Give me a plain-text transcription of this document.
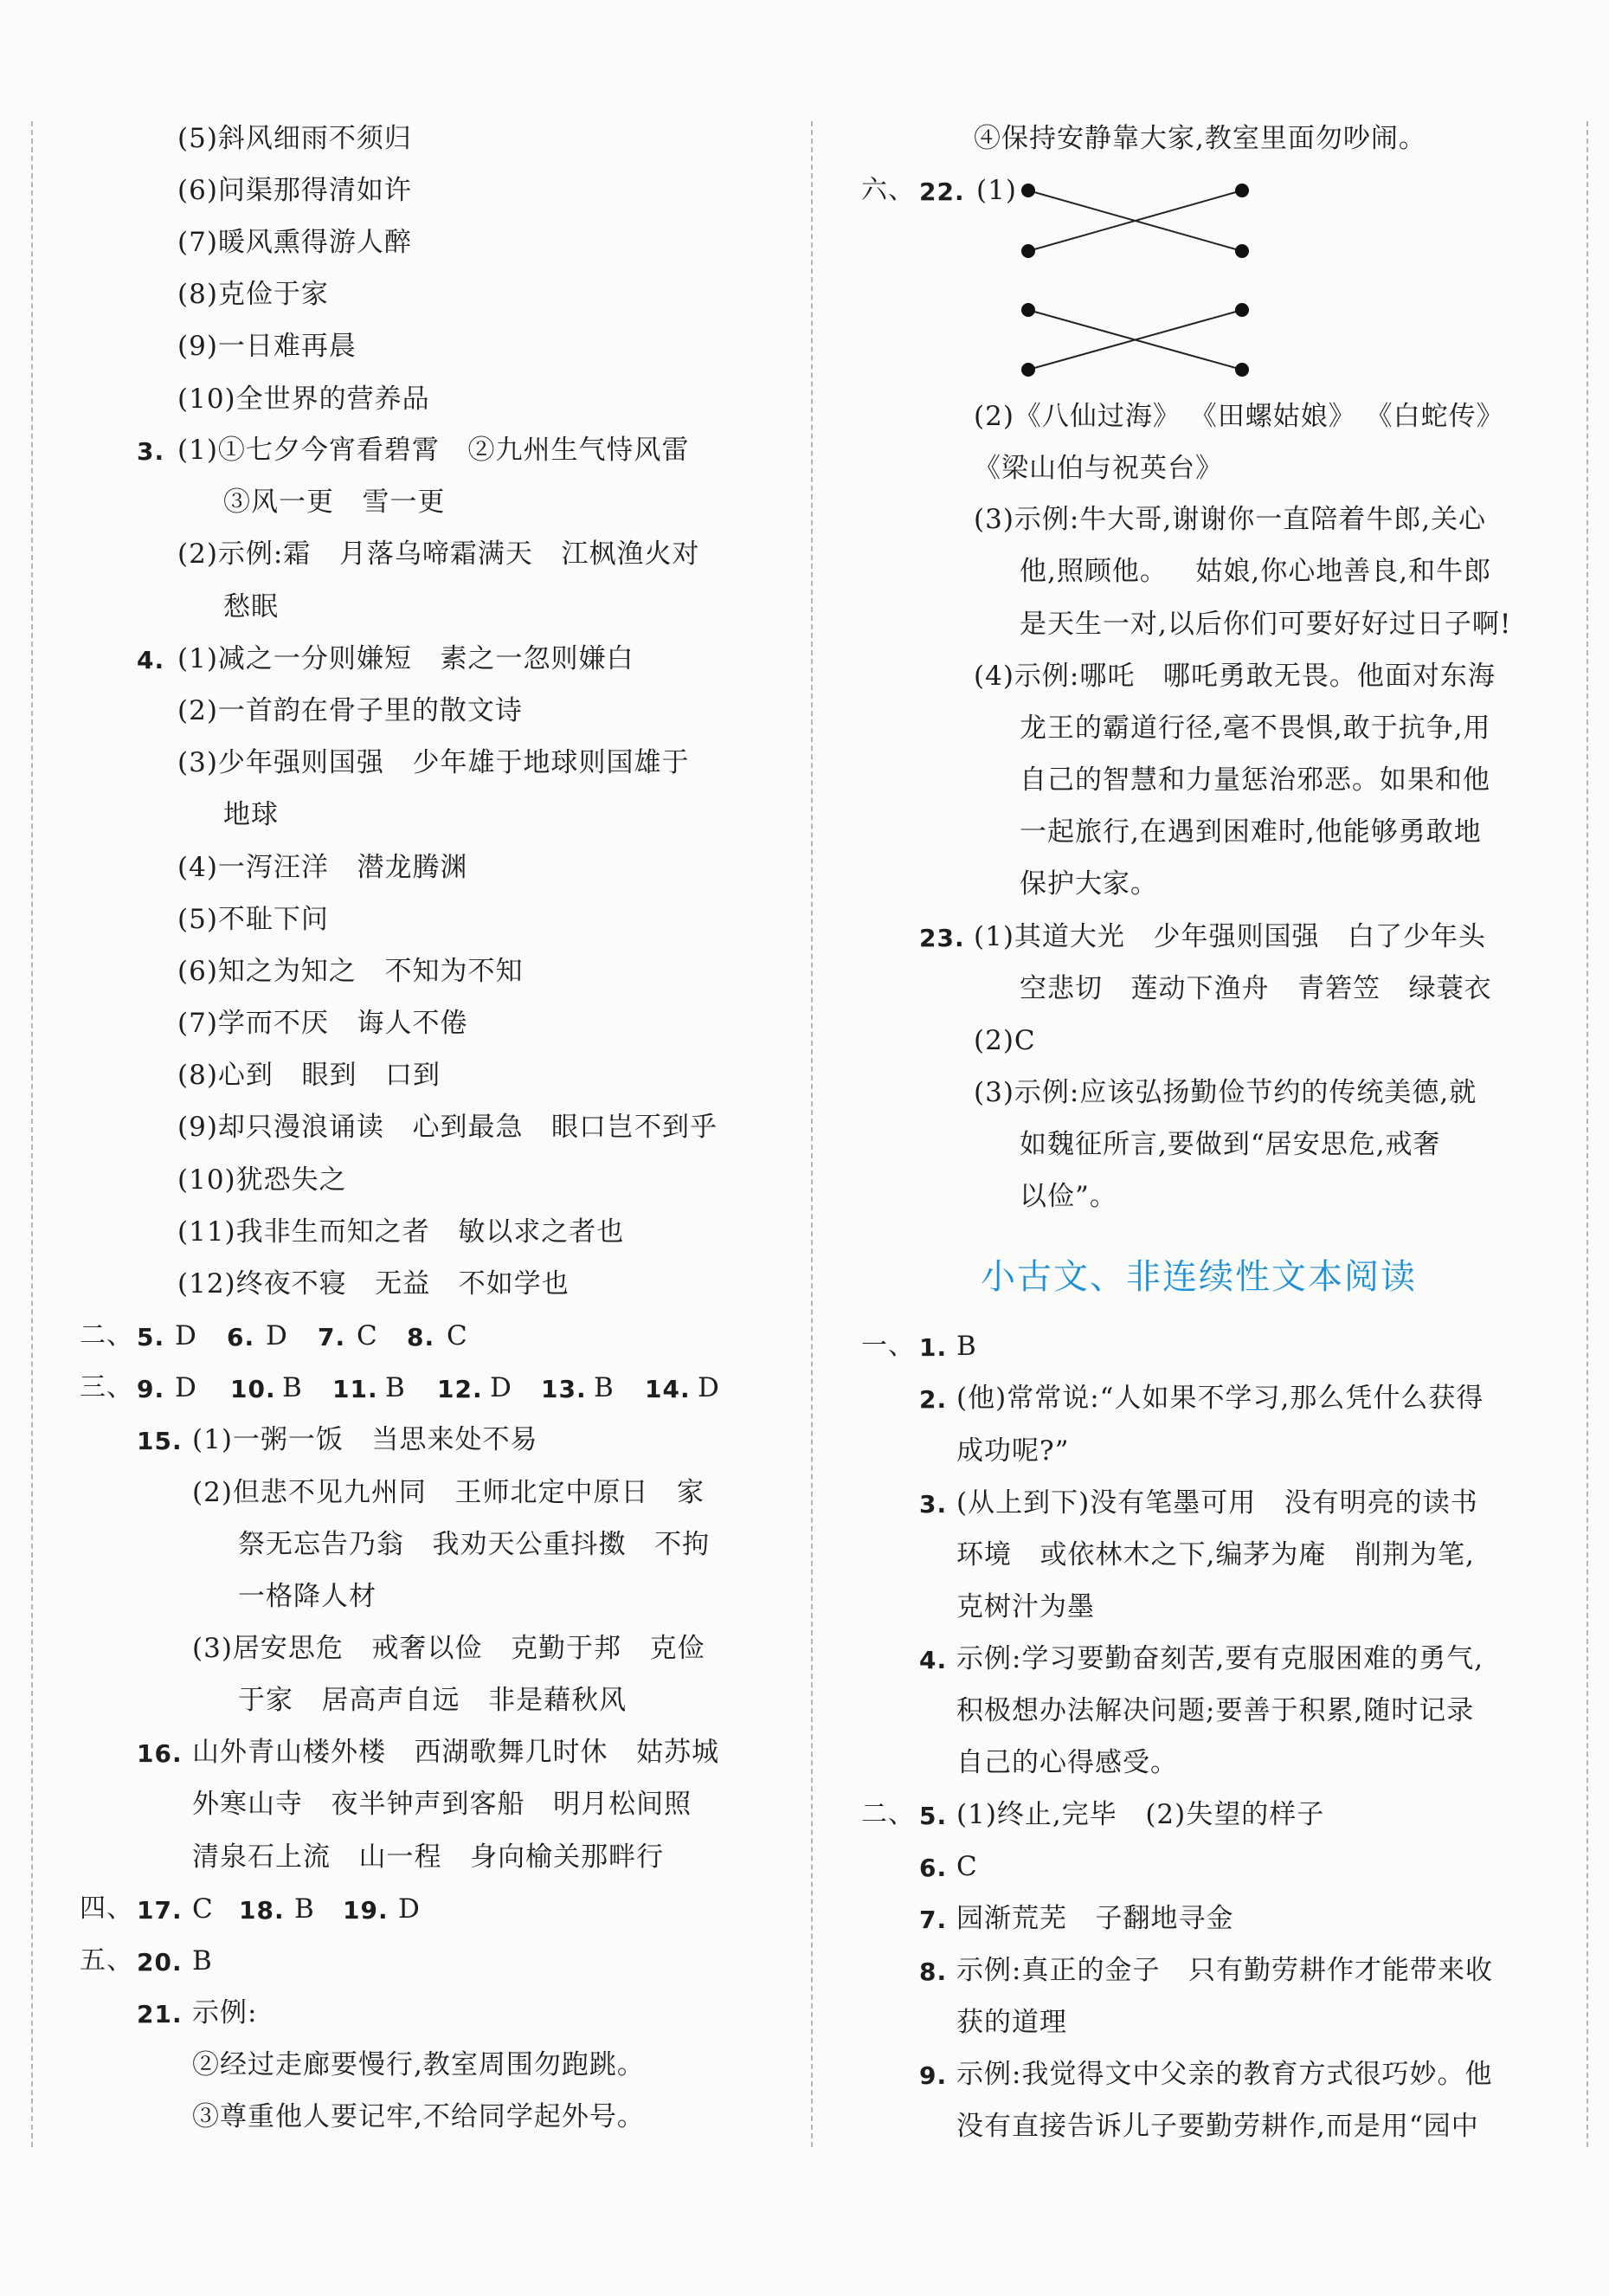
(5)斜风细雨不须归
(6)问渠那得清如许
(7)暖风熏得游人醉
(8)克俭于家
(9)一日难再晨
(10)全世界的营养品
3. (1)①七夕今宵看碧霄   ②九州生气恃风雷
③风一更   雪一更
(2)示例:霜   月落乌啼霜满天   江枫渔火对
愁眠
4. (1)减之一分则嫌短   素之一忽则嫌白
(2)一首韵在骨子里的散文诗
(3)少年强则国强   少年雄于地球则国雄于
地球
(4)一泻汪洋   潜龙腾渊
(5)不耻下问
(6)知之为知之   不知为不知
(7)学而不厌   诲人不倦
(8)心到   眼到   口到
(9)却只漫浪诵读   心到最急   眼口岂不到乎
(10)犹恐失之
(11)我非生而知之者   敏以求之者也
(12)终夜不寝   无益   不如学也
二、 5. D 6. D 7. C 8. C
三、 9. D 10. B 11. B 12. D 13. B 14. D
15. (1)一粥一饭   当思来处不易
(2)但悲不见九州同   王师北定中原日   家
祭无忘告乃翁   我劝天公重抖擞   不拘
一格降人材
(3)居安思危   戒奢以俭   克勤于邦   克俭
于家   居高声自远   非是藉秋风
16. 山外青山楼外楼   西湖歌舞几时休   姑苏城
外寒山寺   夜半钟声到客船   明月松间照
清泉石上流   山一程   身向榆关那畔行
四、 17. C 18. B 19. D
五、 20. B
21. 示例:
②经过走廊要慢行,教室周围勿跑跳。
③尊重他人要记牢,不给同学起外号。
④保持安静靠大家,教室里面勿吵闹。
六、 22. (1)
(2)《八仙过海》 《田螺姑娘》 《白蛇传》
《梁山伯与祝英台》
(3)示例:牛大哥,谢谢你一直陪着牛郎,关心
他,照顾他。   姑娘,你心地善良,和牛郎
是天生一对,以后你们可要好好过日子啊!
(4)示例:哪吒   哪吒勇敢无畏。他面对东海
龙王的霸道行径,毫不畏惧,敢于抗争,用
自己的智慧和力量惩治邪恶。如果和他
一起旅行,在遇到困难时,他能够勇敢地
保护大家。
23. (1)其道大光   少年强则国强   白了少年头
空悲切   莲动下渔舟   青箬笠   绿蓑衣
(2)C
(3)示例:应该弘扬勤俭节约的传统美德,就
如魏征所言,要做到“居安思危,戒奢
以俭”。
小古文、非连续性文本阅读
一、 1. B
2. (他)常常说:“人如果不学习,那么凭什么获得
成功呢?”
3. (从上到下)没有笔墨可用   没有明亮的读书
环境   或依林木之下,编茅为庵   削荆为笔,
克树汁为墨
4. 示例:学习要勤奋刻苦,要有克服困难的勇气,
积极想办法解决问题;要善于积累,随时记录
自己的心得感受。
二、 5. (1)终止,完毕   (2)失望的样子
6. C
7. 园渐荒芜   子翻地寻金
8. 示例:真正的金子   只有勤劳耕作才能带来收
获的道理
9. 示例:我觉得文中父亲的教育方式很巧妙。他
没有直接告诉儿子要勤劳耕作,而是用“园中
